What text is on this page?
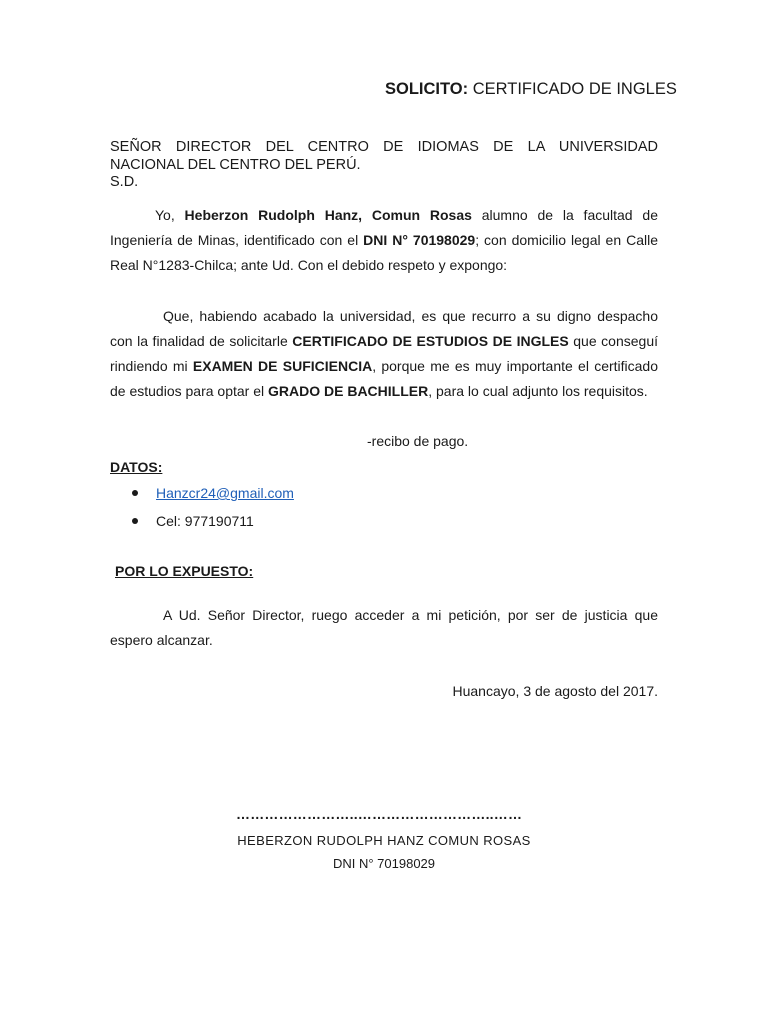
SOLICITO: CERTIFICADO DE INGLES
SEÑOR DIRECTOR DEL CENTRO DE IDIOMAS DE LA UNIVERSIDAD
NACIONAL DEL CENTRO DEL PERÚ.
S.D.
Yo, Heberzon Rudolph Hanz, Comun Rosas alumno de la facultad de Ingeniería de Minas, identificado con el DNI N° 70198029; con domicilio legal en Calle Real N°1283-Chilca; ante Ud. Con el debido respeto y expongo:
Que, habiendo acabado la universidad, es que recurro a su digno despacho con la finalidad de solicitarle CERTIFICADO DE ESTUDIOS DE INGLES que conseguí rindiendo mi EXAMEN DE SUFICIENCIA, porque me es muy importante el certificado de estudios para optar el GRADO DE BACHILLER, para lo cual adjunto los requisitos.
-recibo de pago.
DATOS:
Hanzcr24@gmail.com
Cel: 977190711
POR LO EXPUESTO:
A Ud. Señor Director, ruego acceder a mi petición, por ser de justicia que espero alcanzar.
Huancayo, 3 de agosto del 2017.
……………………..………………………..……
HEBERZON RUDOLPH HANZ COMUN ROSAS
DNI N° 70198029
